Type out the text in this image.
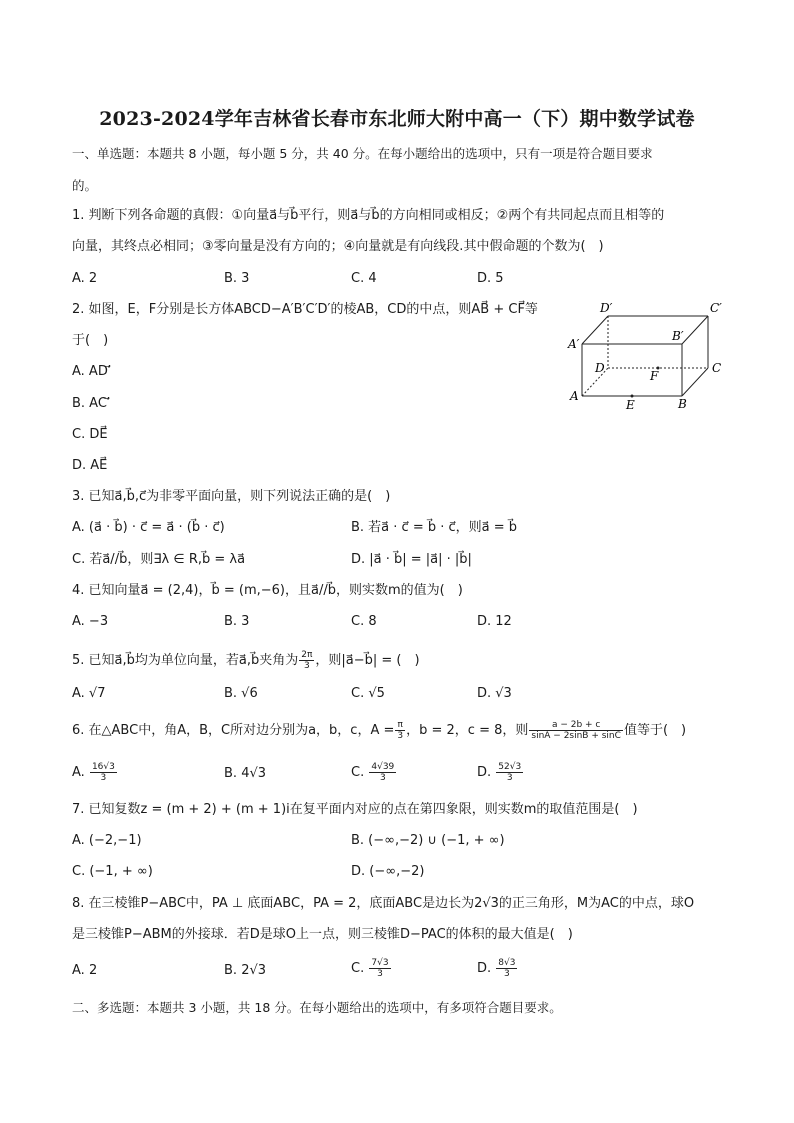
2023-2024学年吉林省长春市东北师大附中高一（下）期中数学试卷
一、单选题：本题共 8 小题，每小题 5 分，共 40 分。在每小题给出的选项中，只有一项是符合题目要求
的。
1. 判断下列各命题的真假：①向量a⃗与b⃗平行，则a⃗与b⃗的方向相同或相反；②两个有共同起点而且相等的
向量，其终点必相同；③零向量是没有方向的；④向量就是有向线段.其中假命题的个数为(　)
A. 2	B. 3	C. 4	D. 5
2. 如图，E，F分别是长方体ABCD−A′B′C′D′的棱AB，CD的中点，则AB⃗ + CF⃗等
于(　)
A. AD′⃗
B. AC′⃗
C. DE⃗
D. AE⃗
D′	C′
A′
B′
D	C
A
B
E
F
3. 已知a⃗,b⃗,c⃗为非零平面向量，则下列说法正确的是(　)
A. (a⃗ · b⃗) · c⃗ = a⃗ · (b⃗ · c⃗)	B. 若a⃗ · c⃗ = b⃗ · c⃗，则a⃗ = b⃗
C. 若a⃗//b⃗，则∃λ ∈ R,b⃗ = λa⃗	D. |a⃗ · b⃗| = |a⃗| · |b⃗|
4. 已知向量a⃗ = (2,4)，b⃗ = (m,−6)，且a⃗//b⃗，则实数m的值为(　)
A. −3	B. 3	C. 8	D. 12
5. 已知a⃗,b⃗均为单位向量，若a⃗,b⃗夹角为 $\frac{2\pi}{3}$ ，则|a⃗−b⃗| = (　)
A. √7	B. √6	C. √5	D. √3
6. 在△ABC中，角A，B，C所对边分别为a，b，c，$A = \frac{\pi}{3}$ ，b = 2，c = 8，则 $\frac{a - 2b + c}{\sin A - 2\sin B + \sin C}$ 值等于(　)
A. $\frac{16√3}{3}$	B. 4√3	C. $\frac{4√39}{3}$	D. $\frac{52√3}{3}$
7. 已知复数z = (m + 2) + (m + 1)i在复平面内对应的点在第四象限，则实数m的取值范围是(　)
A. (−2,−1)	B. (−∞,−2) ∪ (−1, + ∞)
C. (−1, + ∞)	D. (−∞,−2)
8. 在三棱锥P−ABC中，PA ⊥ 底面ABC，PA = 2，底面ABC是边长为2√3的正三角形，M为AC的中点，球O
是三棱锥P−ABM的外接球．若D是球O上一点，则三棱锥D−PAC的体积的最大值是(　)
A. 2	B. 2√3	C. $\frac{7√3}{3}$	D. $\frac{8√3}{3}$
二、多选题：本题共 3 小题，共 18 分。在每小题给出的选项中，有多项符合题目要求。
